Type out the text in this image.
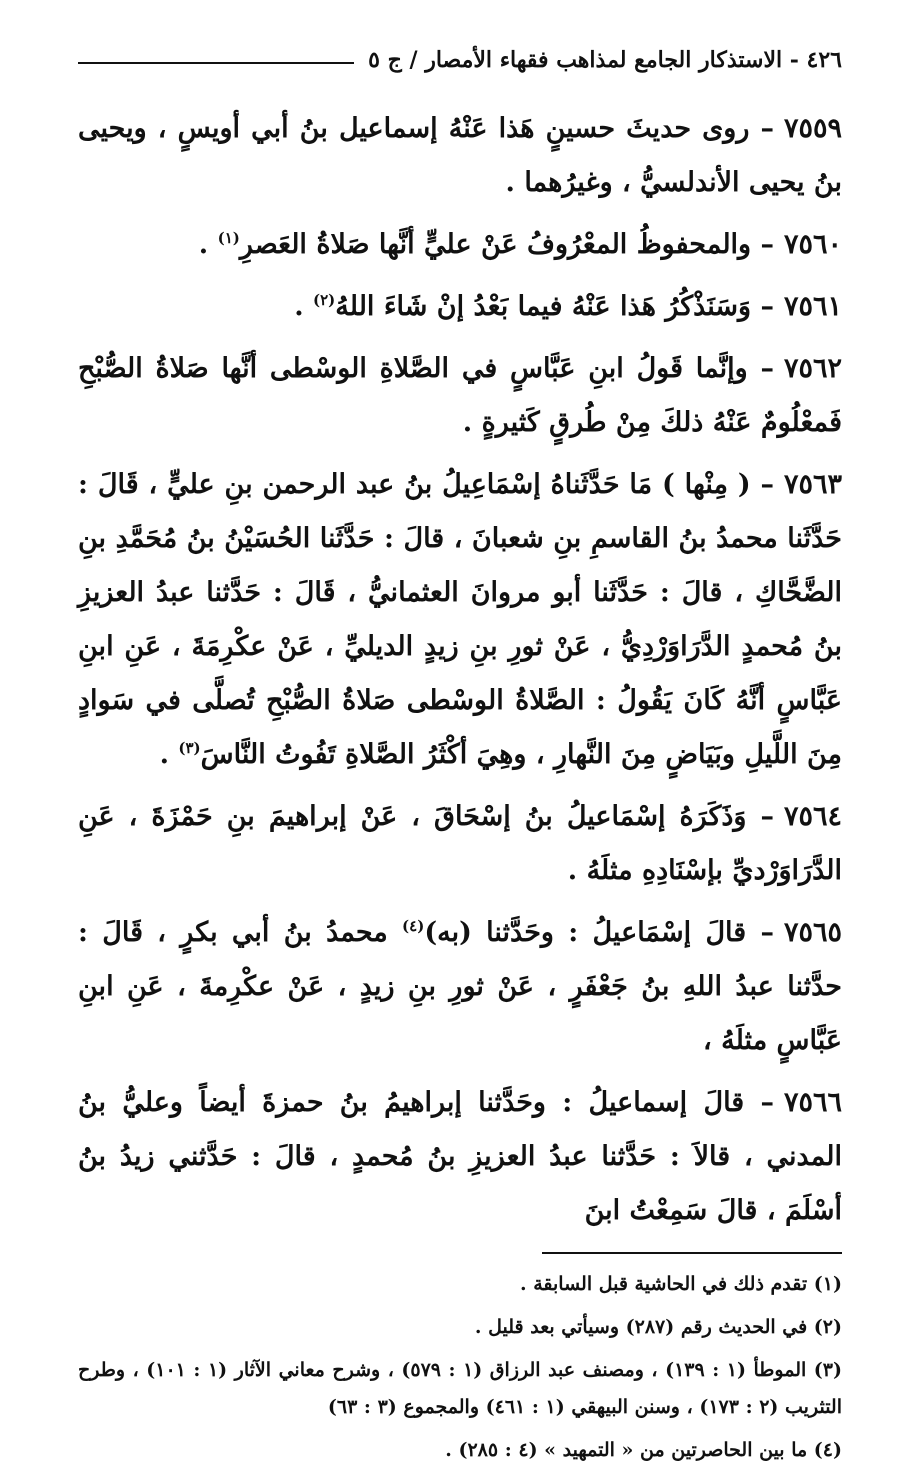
٤٢٦ - الاستذكار الجامع لمذاهب فقهاء الأمصار / ج ٥

٧٥٥٩– روى حديثَ حسينٍ هَذا عَنْهُ إسماعيل بنُ أبي أويسٍ ، ويحيى بنُ يحيى الأندلسيُّ ، وغيرُهما .

٧٥٦٠– والمحفوظُ المعْرُوفُ عَنْ عليٍّ أنَّها صَلاةُ العَصرِ$^{(١)}$ .

٧٥٦١– وَسَنَذْكُرُ هَذا عَنْهُ فيما بَعْدُ إنْ شَاءَ اللهُ$^{(٢)}$ .

٧٥٦٢– وإنَّما قَولُ ابنِ عَبَّاسٍ في الصَّلاةِ الوسْطى أنَّها صَلاةُ الصُّبْحِ فَمعْلُومٌ عَنْهُ ذلكَ مِنْ طُرقٍ كَثيرةٍ .

٧٥٦٣– ( مِنْها ) مَا حَدَّثَناهُ إسْمَاعِيلُ بنُ عبد الرحمن بنِ عليٍّ ، قَالَ : حَدَّثَنا محمدُ بنُ القاسمِ بنِ شعبانَ ، قالَ : حَدَّثَنا الحُسَيْنُ بنُ مُحَمَّدِ بنِ الضَّحَّاكِ ، قالَ : حَدَّثَنا أبو مروانَ العثمانيُّ ، قَالَ : حَدَّثنا عبدُ العزيزِ بنُ مُحمدٍ الدَّرَاوَرْدِيُّ ، عَنْ ثورِ بنِ زيدٍ الديليِّ ، عَنْ عكْرِمَةَ ، عَنِ ابنِ عَبَّاسٍ أنَّهُ كَانَ يَقُولُ : الصَّلاةُ الوسْطى صَلاةُ الصُّبْحِ تُصلَّى في سَوادٍ مِنَ اللَّيلِ وبَيَاضٍ مِنَ النَّهارِ ، وهِيَ أكْثَرُ الصَّلاةِ تَفُوتُ النَّاسَ$^{(٣)}$ .

٧٥٦٤– وَذَكَرَهُ إسْمَاعيلُ بنُ إسْحَاقَ ، عَنْ إبراهيمَ بنِ حَمْزَةَ ، عَنِ الدَّرَاوَرْديِّ بإسْنَادِهِ مثلَهُ .

٧٥٦٥– قالَ إسْمَاعيلُ : وحَدَّثنا (به)$^{(٤)}$ محمدُ بنُ أبي بكرٍ ، قَالَ : حدَّثنا عبدُ اللهِ بنُ جَعْفَرٍ ، عَنْ ثورِ بنِ زيدٍ ، عَنْ عكْرِمةَ ، عَنِ ابنِ عَبَّاسٍ مثلَهُ ،

٧٥٦٦– قالَ إسماعيلُ : وحَدَّثنا إبراهيمُ بنُ حمزةَ أيضاً وعليُّ بنُ المدني ، قالاَ : حَدَّثنا عبدُ العزيزِ بنُ مُحمدٍ ، قالَ : حَدَّثني زيدُ بنُ أسْلَمَ ، قالَ سَمِعْتُ ابنَ

(١) تقدم ذلك في الحاشية قبل السابقة .

(٢) في الحديث رقم (٢٨٧) وسيأتي بعد قليل .

(٣) الموطأ (١ : ١٣٩) ، ومصنف عبد الرزاق (١ : ٥٧٩) ، وشرح معاني الآثار (١ : ١٠١) ، وطرح التثريب (٢ : ١٧٣) ، وسنن البيهقي (١ : ٤٦١) والمجموع (٣ : ٦٣)

(٤) ما بين الحاصرتين من « التمهيد » (٤ : ٢٨٥) .
